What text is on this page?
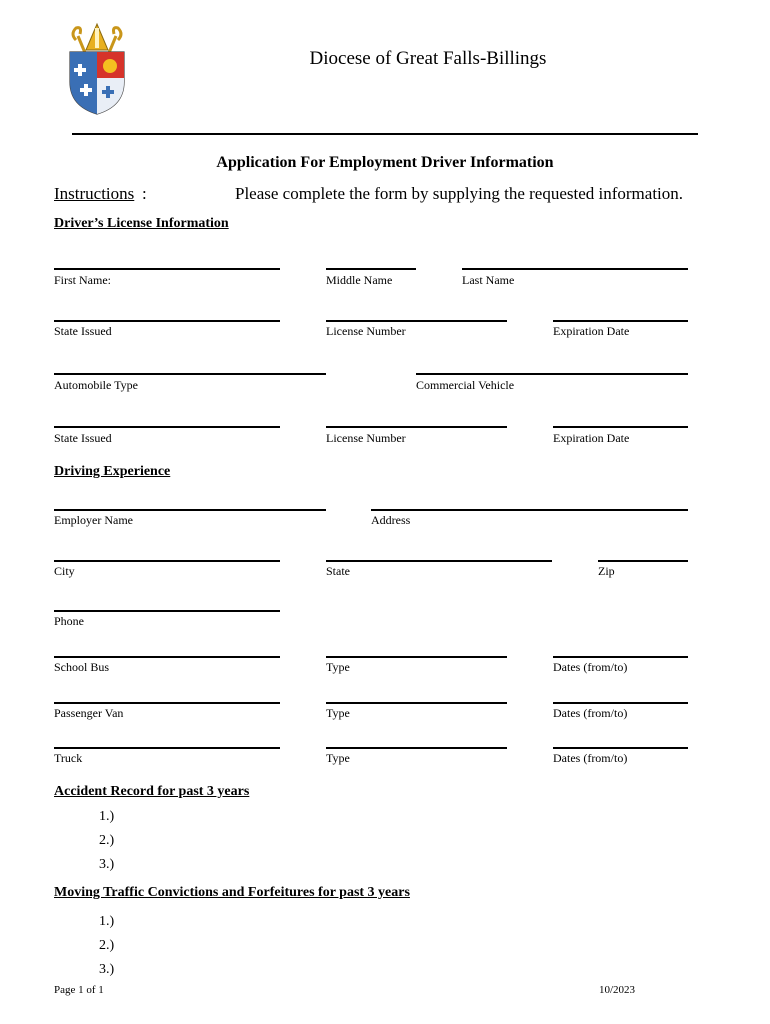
Diocese of Great Falls-Billings
Application For Employment Driver Information
Instructions :	Please complete the form by supplying the requested information.
Driver’s License Information
First Name:	Middle Name	Last Name
State Issued	License Number	Expiration Date
Automobile Type	Commercial Vehicle
State Issued	License Number	Expiration Date
Driving Experience
Employer Name	Address
City	State	Zip
Phone
School Bus	Type	Dates (from/to)
Passenger Van	Type	Dates (from/to)
Truck	Type	Dates (from/to)
Accident Record for past 3 years
1.)
2.)
3.)
Moving Traffic Convictions and Forfeitures for past 3 years
1.)
2.)
3.)
Page 1 of 1	10/2023
